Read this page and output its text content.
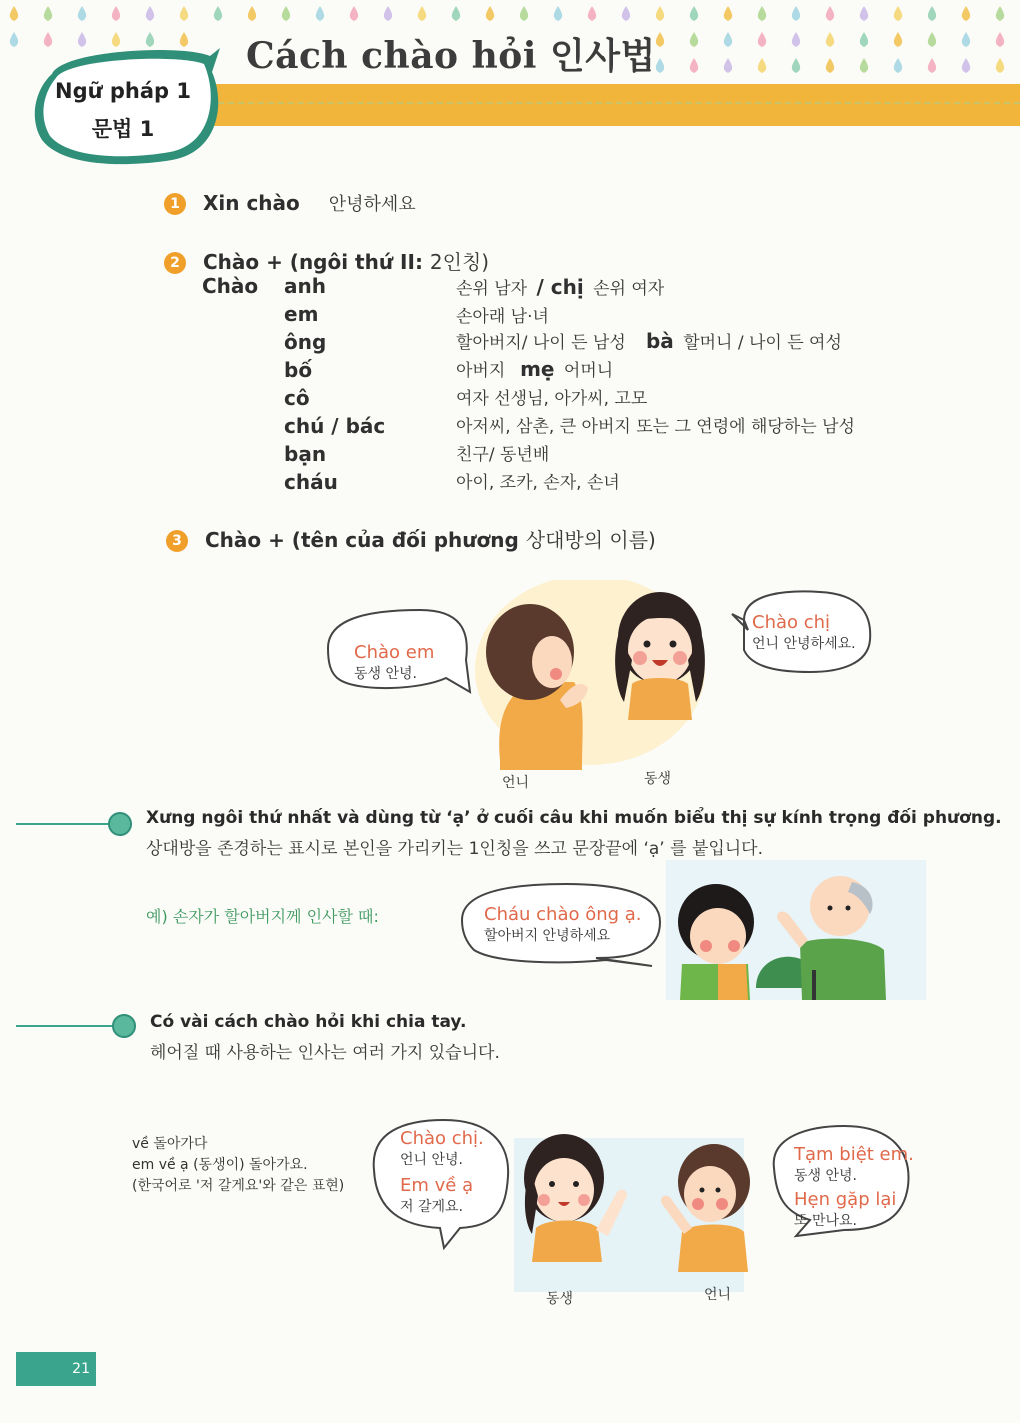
Cách chào hỏi 인사법
Ngữ pháp 1
문법 1
1 Xin chào 안녕하세요
2 Chào + (ngôi thứ II: 2인칭)
Chào anh	손위 남자 / chị 손위 여자
em	손아래 남·녀
ông	할아버지/ 나이 든 남성 bà 할머니 / 나이 든 여성
bố	아버지 mẹ 어머니
cô	여자 선생님, 아가씨, 고모
chú / bác	아저씨, 삼촌, 큰 아버지 또는 그 연령에 해당하는 남성
bạn	친구/ 동년배
cháu	아이, 조카, 손자, 손녀
3 Chào + (tên của đối phương 상대방의 이름)
Chào em
동생 안녕.
Chào chị
언니 안녕하세요.
언니	동생
Xưng ngôi thứ nhất và dùng từ ‘ạ’ ở cuối câu khi muốn biểu thị sự kính trọng đối phương.
상대방을 존경하는 표시로 본인을 가리키는 1인칭을 쓰고 문장끝에 ‘ạ’ 를 붙입니다.
예) 손자가 할아버지께 인사할 때:	Cháu chào ông ạ.
할아버지 안녕하세요
Có vài cách chào hỏi khi chia tay.
헤어질 때 사용하는 인사는 여러 가지 있습니다.
về 돌아가다
em về ạ (동생이) 돌아가요.
(한국어로 '저 갈게요'와 같은 표현)
Chào chị.
언니 안녕.
Em về ạ
저 갈게요.
Tạm biệt em.
동생 안녕.
Hẹn gặp lại
또 만나요.
동생	언니
21
